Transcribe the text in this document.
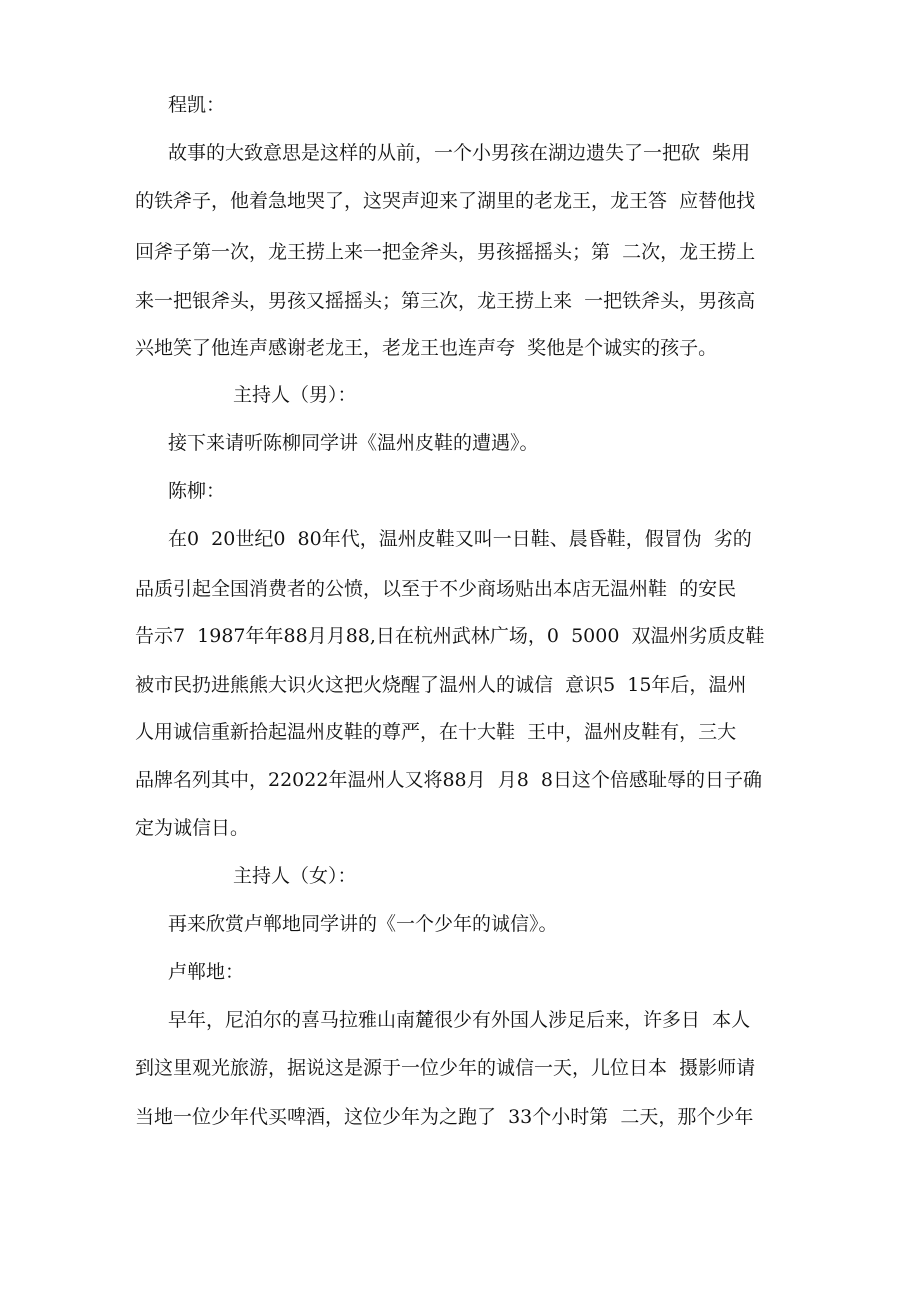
程凯：
故事的大致意思是这样的从前，一个小男孩在湖边遗失了一把砍  柴用
的铁斧子，他着急地哭了，这哭声迎来了湖里的老龙王，龙王答  应替他找
回斧子第一次，龙王捞上来一把金斧头，男孩摇摇头；第  二次，龙王捞上
来一把银斧头，男孩又摇摇头；第三次，龙王捞上来  一把铁斧头，男孩高
兴地笑了他连声感谢老龙王，老龙王也连声夸  奖他是个诚实的孩子。
主持人（男）：
接下来请听陈柳同学讲《温州皮鞋的遭遇》。
陈柳：
在0  20世纪0  80年代，温州皮鞋又叫一日鞋、晨昏鞋，假冒伪  劣的
品质引起全国消费者的公愤，以至于不少商场贴出本店无温州鞋  的安民
告示7  1987年年88月月88,日在杭州武林广场，0  5000  双温州劣质皮鞋
被市民扔进熊熊大识火这把火烧醒了温州人的诚信  意识5  15年后，温州
人用诚信重新拾起温州皮鞋的尊严，在十大鞋  王中，温州皮鞋有，三大
品牌名列其中，22022年温州人又将88月  月8  8日这个倍感耻辱的日子确
定为诚信日。
主持人（女）：
再来欣赏卢郸地同学讲的《一个少年的诚信》。
卢郸地：
早年，尼泊尔的喜马拉雅山南麓很少有外国人涉足后来，许多日  本人
到这里观光旅游，据说这是源于一位少年的诚信一天，儿位日本  摄影师请
当地一位少年代买啤酒，这位少年为之跑了  33个小时第  二天，那个少年
